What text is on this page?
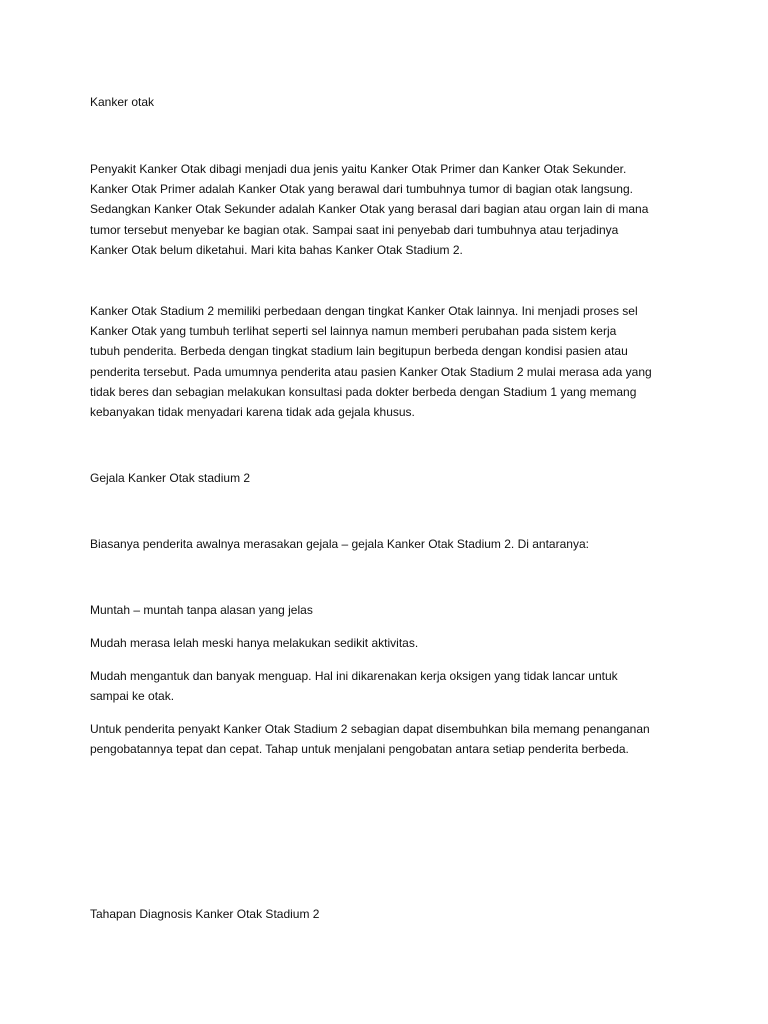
Kanker otak

Penyakit Kanker Otak dibagi menjadi dua jenis yaitu Kanker Otak Primer dan Kanker Otak Sekunder.
Kanker Otak Primer adalah Kanker Otak yang berawal dari tumbuhnya tumor di bagian otak langsung.
Sedangkan Kanker Otak Sekunder adalah Kanker Otak yang berasal dari bagian atau organ lain di mana
tumor tersebut menyebar ke bagian otak. Sampai saat ini penyebab dari tumbuhnya atau terjadinya
Kanker Otak belum diketahui. Mari kita bahas Kanker Otak Stadium 2.

Kanker Otak Stadium 2 memiliki perbedaan dengan tingkat Kanker Otak lainnya. Ini menjadi proses sel
Kanker Otak yang tumbuh terlihat seperti sel lainnya namun memberi perubahan pada sistem kerja
tubuh penderita. Berbeda dengan tingkat stadium lain begitupun berbeda dengan kondisi pasien atau
penderita tersebut. Pada umumnya penderita atau pasien Kanker Otak Stadium 2 mulai merasa ada yang
tidak beres dan sebagian melakukan konsultasi pada dokter berbeda dengan Stadium 1 yang memang
kebanyakan tidak menyadari karena tidak ada gejala khusus.

Gejala Kanker Otak stadium 2

Biasanya penderita awalnya merasakan gejala – gejala Kanker Otak Stadium 2. Di antaranya:

Muntah – muntah tanpa alasan yang jelas

Mudah merasa lelah meski hanya melakukan sedikit aktivitas.

Mudah mengantuk dan banyak menguap. Hal ini dikarenakan kerja oksigen yang tidak lancar untuk
sampai ke otak.

Untuk penderita penyakt Kanker Otak Stadium 2 sebagian dapat disembuhkan bila memang penanganan
pengobatannya tepat dan cepat. Tahap untuk menjalani pengobatan antara setiap penderita berbeda.

Tahapan Diagnosis Kanker Otak Stadium 2
